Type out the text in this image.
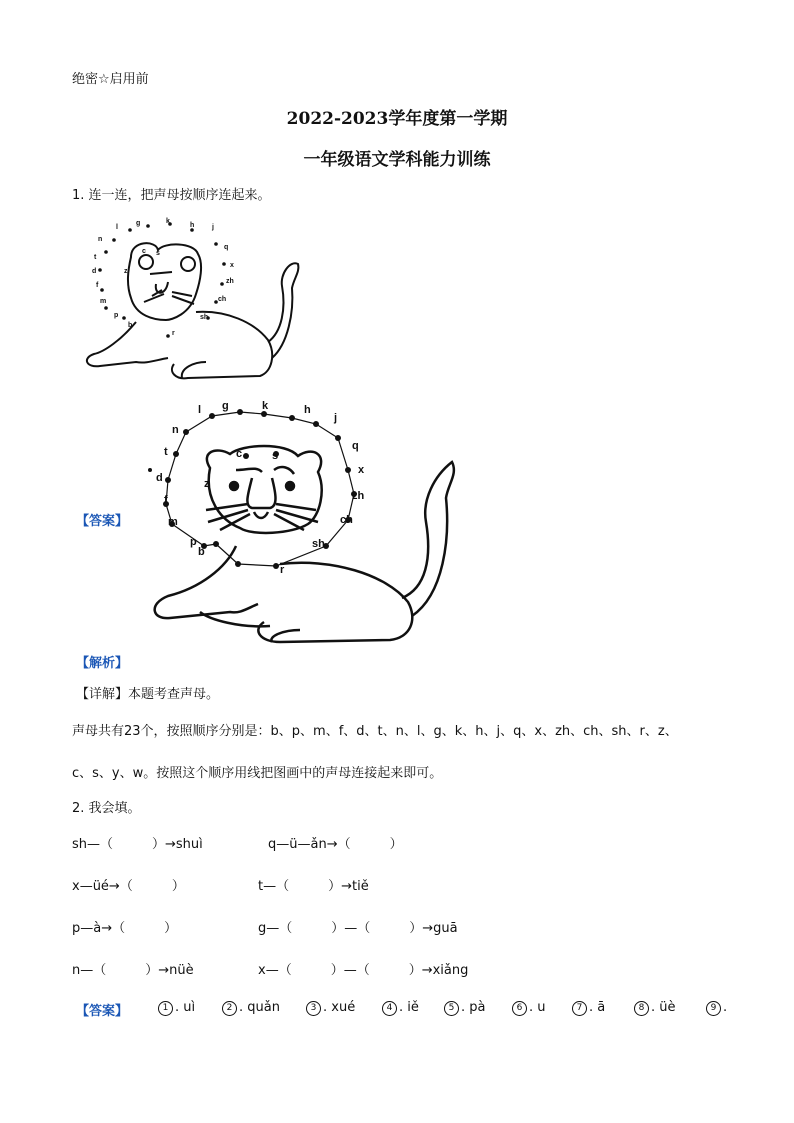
绝密☆启用前
2022-2023学年度第一学期
一年级语文学科能力训练
1. 连一连，把声母按顺序连起来。
l
g	k
h	j
q
x
zh
ch
sh
r
z
c s
n
t
d
f
m
p
b
【答案】
b
p
m
f
d
t
n
l g	k	h
j
q
x
zh
ch
sh
r
z
c	s
【解析】
【详解】本题考查声母。
声母共有23个，按照顺序分别是：b、p、m、f、d、t、n、l、g、k、h、j、q、x、zh、ch、sh、r、z、
c、s、y、w。按照这个顺序用线把图画中的声母连接起来即可。
2. 我会填。
sh—（　　　）→shuì	q—ü—ǎn→（　　　）
x—üé→（　　　）	t—（　　　）→tiě
p—à→（　　　）	g—（　　　）—（　　　）→guā
n—（　　　）→nüè	x—（　　　）—（　　　）→xiǎng
【答案】	1 . uì	2 . quǎn	3 . xué	4 . iě	5 . pà	6 . u	7 . ā	8 . üè	9 .
